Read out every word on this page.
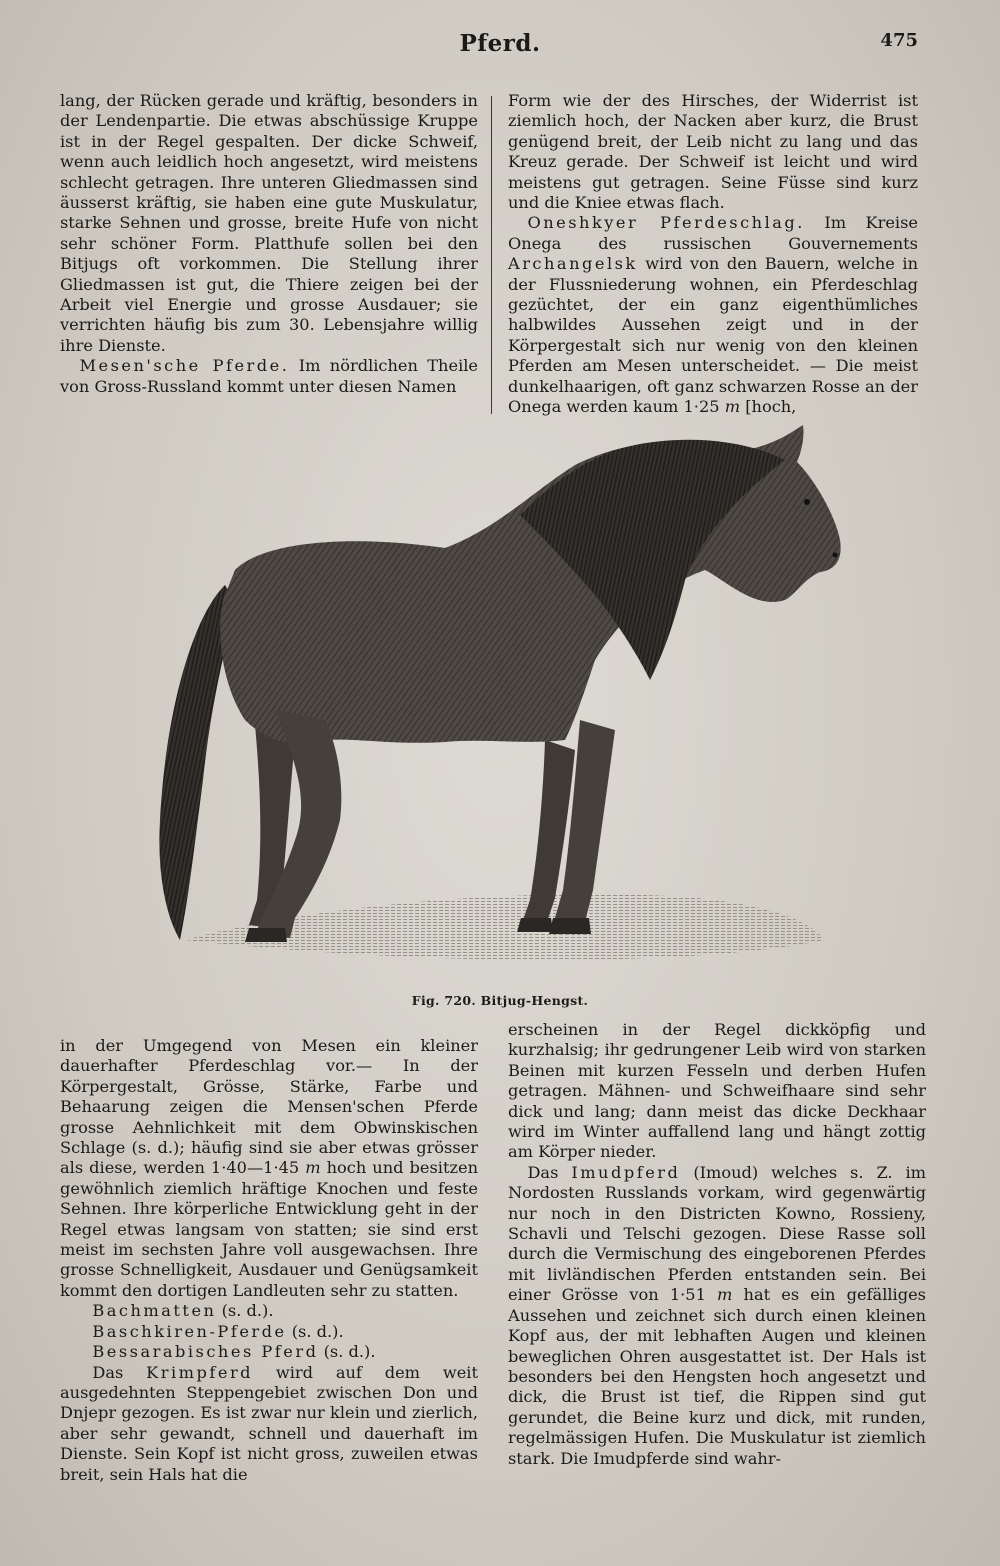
Pferd.	475

lang, der Rücken gerade und kräftig, besonders in der Lendenpartie. Die etwas abschüssige Kruppe ist in der Regel gespalten. Der dicke Schweif, wenn auch leidlich hoch angesetzt, wird meistens schlecht getragen. Ihre unteren Gliedmassen sind äusserst kräftig, sie haben eine gute Muskulatur, starke Sehnen und grosse, breite Hufe von nicht sehr schöner Form. Platthufe sollen bei den Bitjugs oft vorkommen. Die Stellung ihrer Gliedmassen ist gut, die Thiere zeigen bei der Arbeit viel Energie und grosse Ausdauer; sie verrichten häufig bis zum 30. Lebensjahre willig ihre Dienste.

Mesen'sche Pferde. Im nördlichen Theile von Gross-Russland kommt unter diesen Namen

Form wie der des Hirsches, der Widerrist ist ziemlich hoch, der Nacken aber kurz, die Brust genügend breit, der Leib nicht zu lang und das Kreuz gerade. Der Schweif ist leicht und wird meistens gut getragen. Seine Füsse sind kurz und die Kniee etwas flach.

Oneshkyer Pferdeschlag. Im Kreise Onega des russischen Gouvernements Archangelsk wird von den Bauern, welche in der Flussniederung wohnen, ein Pferdeschlag gezüchtet, der ein ganz eigenthümliches halbwildes Aussehen zeigt und in der Körpergestalt sich nur wenig von den kleinen Pferden am Mesen unterscheidet. — Die meist dunkelhaarigen, oft ganz schwarzen Rosse an der Onega werden kaum 1·25 m [hoch,

Fig. 720. Bitjug-Hengst.

in der Umgegend von Mesen ein kleiner dauerhafter Pferdeschlag vor.— In der Körpergestalt, Grösse, Stärke, Farbe und Behaarung zeigen die Mensen'schen Pferde grosse Aehnlichkeit mit dem Obwinskischen Schlage (s. d.); häufig sind sie aber etwas grösser als diese, werden 1·40—1·45 m hoch und besitzen gewöhnlich ziemlich hräftige Knochen und feste Sehnen. Ihre körperliche Entwicklung geht in der Regel etwas langsam von statten; sie sind erst meist im sechsten Jahre voll ausgewachsen. Ihre grosse Schnelligkeit, Ausdauer und Genügsamkeit kommt den dortigen Landleuten sehr zu statten.

Bachmatten (s. d.).

Baschkiren-Pferde (s. d.).

Bessarabisches Pferd (s. d.).

Das Krimpferd wird auf dem weit ausgedehnten Steppengebiet zwischen Don und Dnjepr gezogen. Es ist zwar nur klein und zierlich, aber sehr gewandt, schnell und dauerhaft im Dienste. Sein Kopf ist nicht gross, zuweilen etwas breit, sein Hals hat die

erscheinen in der Regel dickköpfig und kurzhalsig; ihr gedrungener Leib wird von starken Beinen mit kurzen Fesseln und derben Hufen getragen. Mähnen- und Schweifhaare sind sehr dick und lang; dann meist das dicke Deckhaar wird im Winter auffallend lang und hängt zottig am Körper nieder.

Das Imudpferd (Imoud) welches s. Z. im Nordosten Russlands vorkam, wird gegenwärtig nur noch in den Districten Kowno, Rossieny, Schavli und Telschi gezogen. Diese Rasse soll durch die Vermischung des eingeborenen Pferdes mit livländischen Pferden entstanden sein. Bei einer Grösse von 1·51 m hat es ein gefälliges Aussehen und zeichnet sich durch einen kleinen Kopf aus, der mit lebhaften Augen und kleinen beweglichen Ohren ausgestattet ist. Der Hals ist besonders bei den Hengsten hoch angesetzt und dick, die Brust ist tief, die Rippen sind gut gerundet, die Beine kurz und dick, mit runden, regelmässigen Hufen. Die Muskulatur ist ziemlich stark. Die Imudpferde sind wahr-
